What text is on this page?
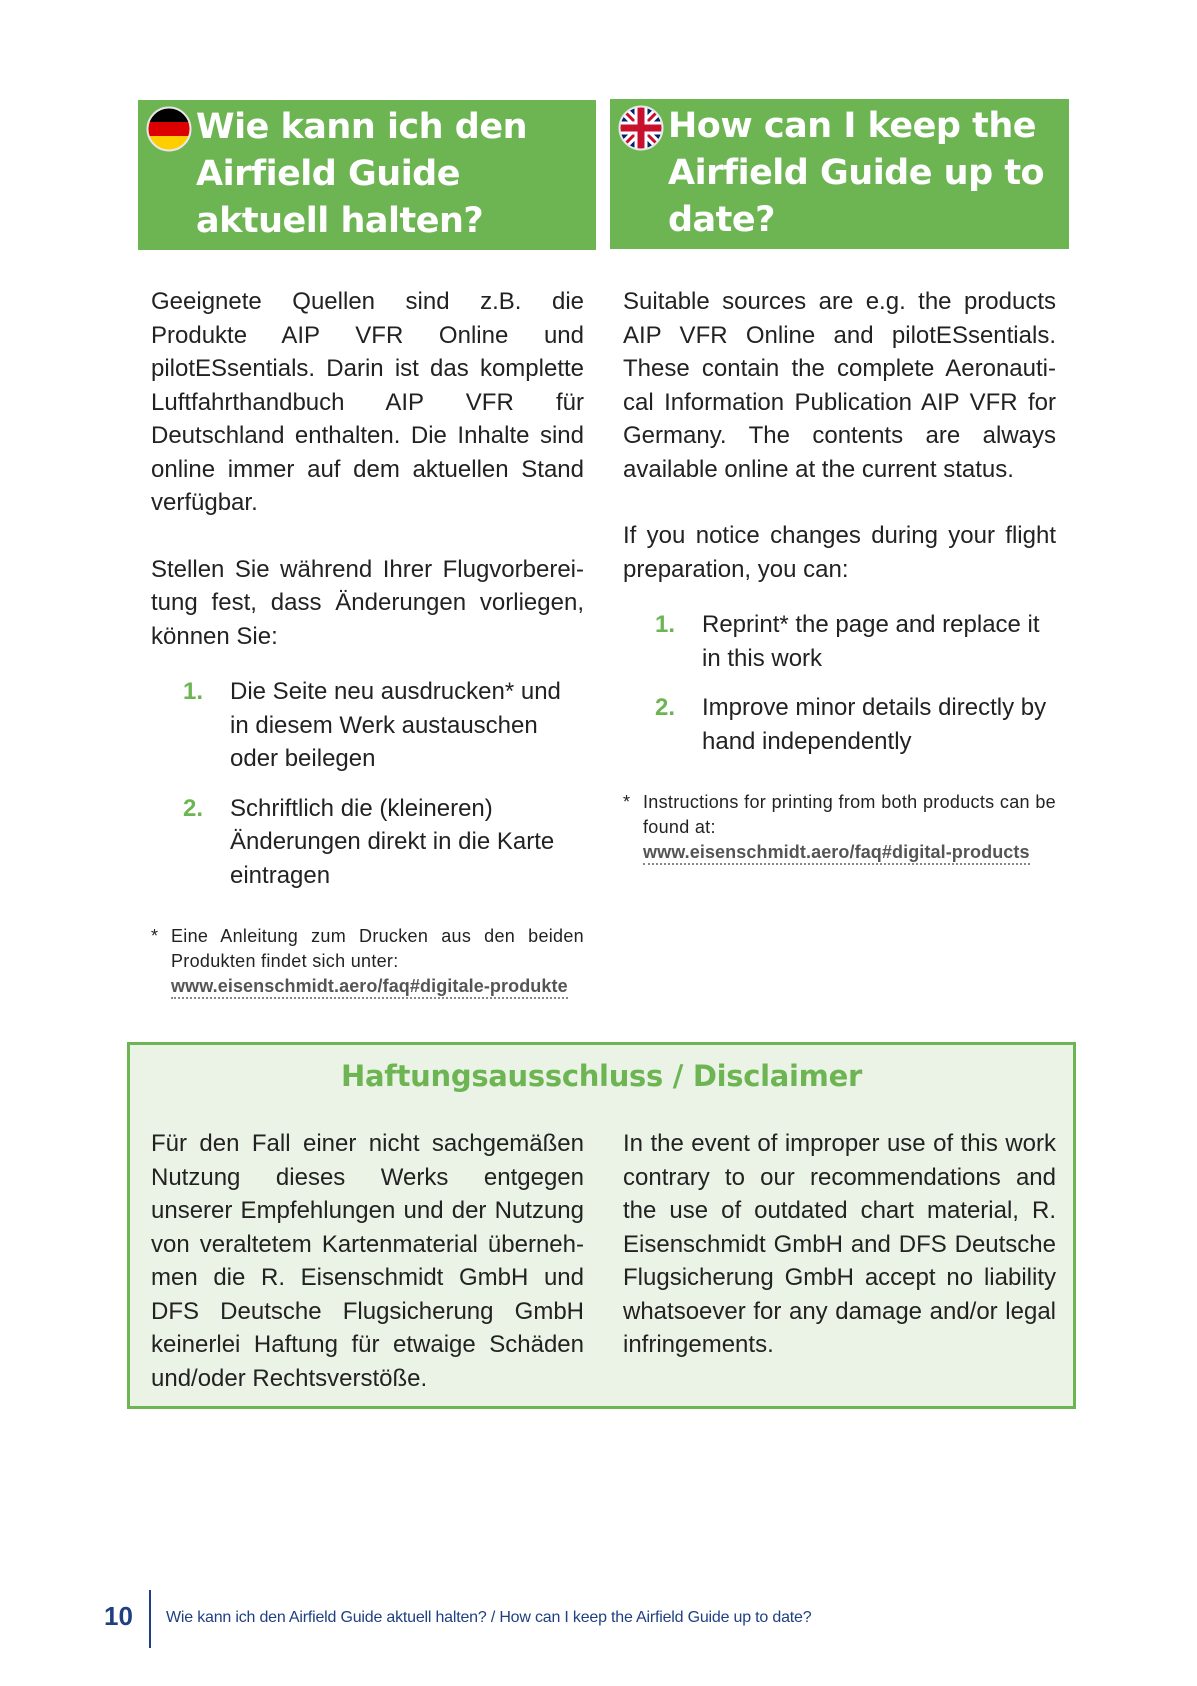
Wie kann ich den Airfield Guide aktuell halten?
How can I keep the Airfield Guide up to date?

Geeignete Quellen sind z.B. die Produkte AIP VFR Online und pilotESsentials. Darin ist das komplette Luftfahrthandbuch AIP VFR für Deutschland enthalten. Die Inhalte sind online immer auf dem aktuellen Stand verfügbar.

Stellen Sie während Ihrer Flugvorbereitung fest, dass Änderungen vorliegen, können Sie:

1. Die Seite neu ausdrucken* und in diesem Werk austauschen oder beilegen
2. Schriftlich die (kleineren) Änderungen direkt in die Karte eintragen
* Eine Anleitung zum Drucken aus den beiden Produkten findet sich unter:
www.eisenschmidt.aero/faq#digitale-produkte

Suitable sources are e.g. the products AIP VFR Online and pilotESsentials. These contain the complete Aeronautical Information Publication AIP VFR for Germany. The contents are always available online at the current status.

If you notice changes during your flight preparation, you can:

1. Reprint* the page and replace it in this work
2. Improve minor details directly by hand independently
* Instructions for printing from both products can be found at:
www.eisenschmidt.aero/faq#digital-products
Haftungsausschluss / Disclaimer
Für den Fall einer nicht sachgemäßen Nutzung dieses Werks entgegen unserer Empfehlungen und der Nutzung von veraltetem Kartenmaterial übernehmen die R. Eisenschmidt GmbH und DFS Deutsche Flugsicherung GmbH keinerlei Haftung für etwaige Schäden und/oder Rechtsverstöße.
In the event of improper use of this work contrary to our recommendations and the use of outdated chart material, R. Eisenschmidt GmbH and DFS Deutsche Flugsicherung GmbH accept no liability whatsoever for any damage and/or legal infringements.
10 Wie kann ich den Airfield Guide aktuell halten? / How can I keep the Airfield Guide up to date?
